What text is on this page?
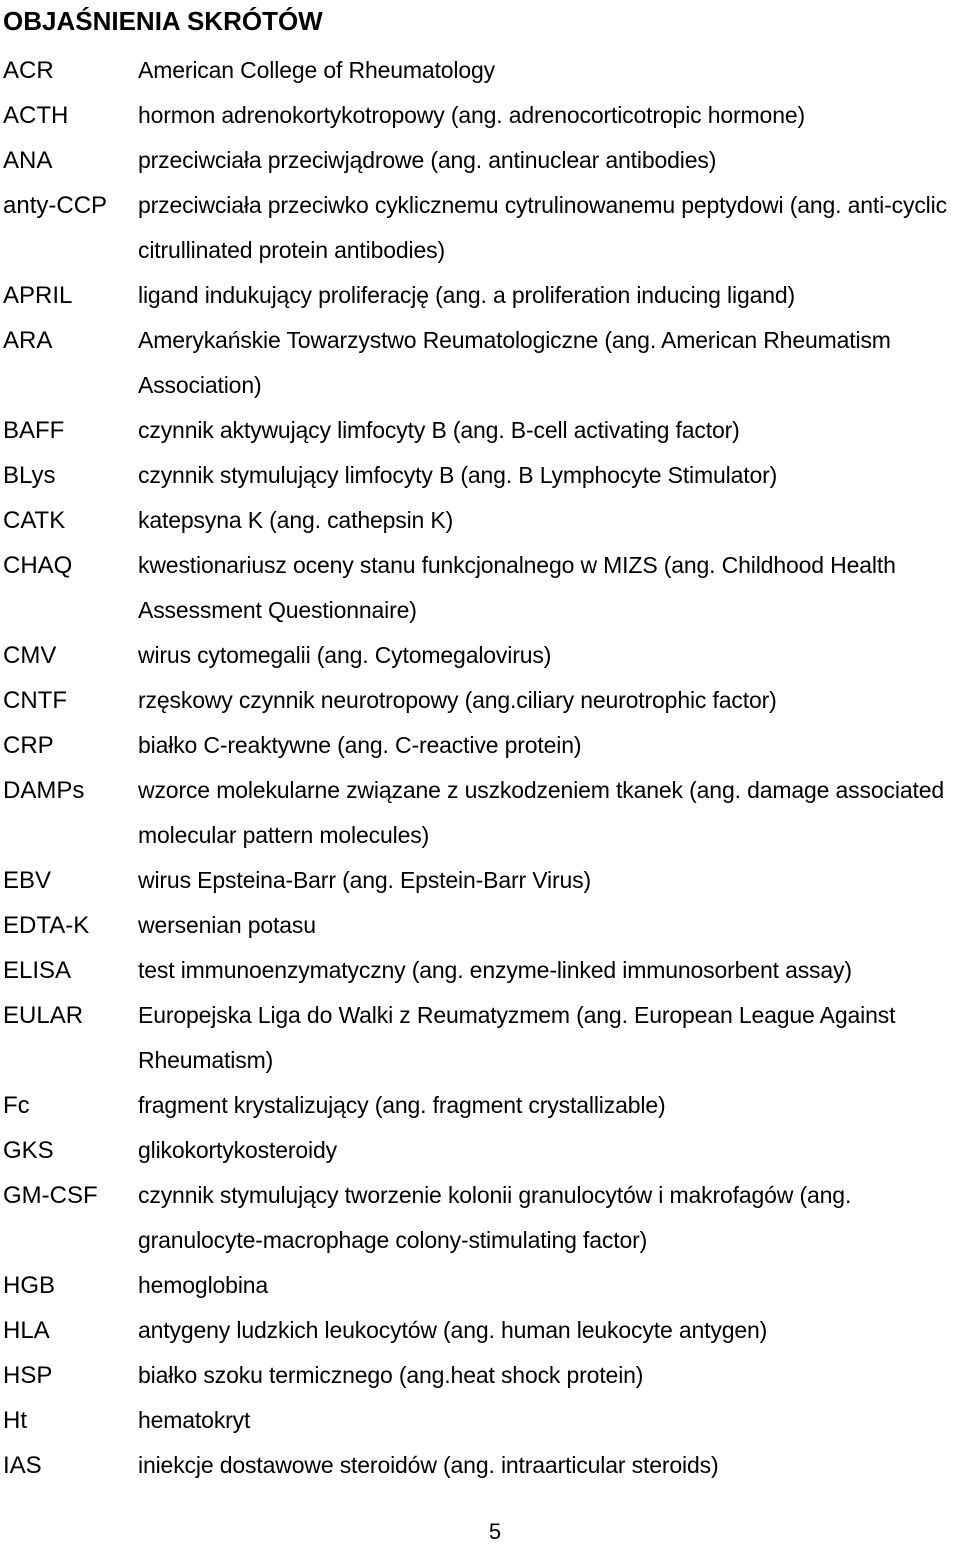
OBJAŚNIENIA SKRÓTÓW
ACR	American College of Rheumatology
ACTH	hormon adrenokortykotropowy (ang. adrenocorticotropic hormone)
ANA	przeciwciała przeciwjądrowe (ang. antinuclear antibodies)
anty-CCP	przeciwciała przeciwko cyklicznemu cytrulinowanemu peptydowi (ang. anti-cyclic citrullinated protein antibodies)
APRIL	ligand indukujący proliferację (ang. a proliferation inducing ligand)
ARA	Amerykańskie Towarzystwo Reumatologiczne (ang. American Rheumatism Association)
BAFF	czynnik aktywujący limfocyty B (ang. B-cell activating factor)
BLys	czynnik stymulujący limfocyty B (ang. B Lymphocyte Stimulator)
CATK	katepsyna K (ang. cathepsin K)
CHAQ	kwestionariusz oceny stanu funkcjonalnego w MIZS (ang. Childhood Health Assessment Questionnaire)
CMV	wirus cytomegalii (ang. Cytomegalovirus)
CNTF	rzęskowy czynnik neurotropowy (ang.ciliary neurotrophic factor)
CRP	białko C-reaktywne (ang. C-reactive protein)
DAMPs	wzorce molekularne związane z uszkodzeniem tkanek (ang. damage associated molecular pattern molecules)
EBV	wirus Epsteina-Barr (ang. Epstein-Barr Virus)
EDTA-K	wersenian potasu
ELISA	test immunoenzymatyczny (ang. enzyme-linked immunosorbent assay)
EULAR	Europejska Liga do Walki z Reumatyzmem (ang. European League Against Rheumatism)
Fc	fragment krystalizujący (ang. fragment crystallizable)
GKS	glikokortykosteroidy
GM-CSF	czynnik stymulujący tworzenie kolonii granulocytów i makrofagów (ang. granulocyte-macrophage colony-stimulating factor)
HGB	hemoglobina
HLA	antygeny ludzkich leukocytów (ang. human leukocyte antygen)
HSP	białko szoku termicznego (ang.heat shock protein)
Ht	hematokryt
IAS	iniekcje dostawowe steroidów (ang. intraarticular steroids)
5
